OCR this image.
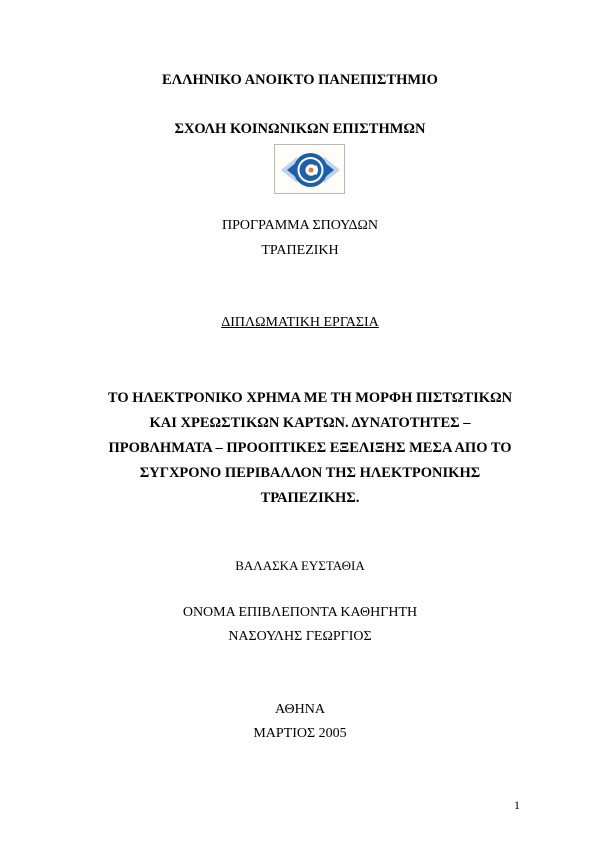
ΕΛΛΗΝΙΚΟ ΑΝΟΙΚΤΟ ΠΑΝΕΠΙΣΤΗΜΙΟ
ΣΧΟΛΗ ΚΟΙΝΩΝΙΚΩΝ ΕΠΙΣΤΗΜΩΝ
ΠΡΟΓΡΑΜΜΑ ΣΠΟΥΔΩΝ
ΤΡΑΠΕΖΙΚΗ
ΔΙΠΛΩΜΑΤΙΚΗ ΕΡΓΑΣΙΑ
ΤΟ ΗΛΕΚΤΡΟΝΙΚΟ ΧΡΗΜΑ ΜΕ ΤΗ ΜΟΡΦΗ ΠΙΣΤΩΤΙΚΩΝ
ΚΑΙ ΧΡΕΩΣΤΙΚΩΝ ΚΑΡΤΩΝ. ΔΥΝΑΤΟΤΗΤΕΣ –
ΠΡΟΒΛΗΜΑΤΑ – ΠΡΟΟΠΤΙΚΕΣ ΕΞΕΛΙΞΗΣ ΜΕΣΑ ΑΠΟ ΤΟ
ΣΥΓΧΡΟΝΟ ΠΕΡΙΒΑΛΛΟΝ ΤΗΣ ΗΛΕΚΤΡΟΝΙΚΗΣ
ΤΡΑΠΕΖΙΚΗΣ.
ΒΑΛΑΣΚΑ ΕΥΣΤΑΘΙΑ
ΟΝΟΜΑ ΕΠΙΒΛΕΠΟΝΤΑ ΚΑΘΗΓΗΤΗ
ΝΑΣΟΥΛΗΣ ΓΕΩΡΓΙΟΣ
ΑΘΗΝΑ
ΜΑΡΤΙΟΣ 2005
1
